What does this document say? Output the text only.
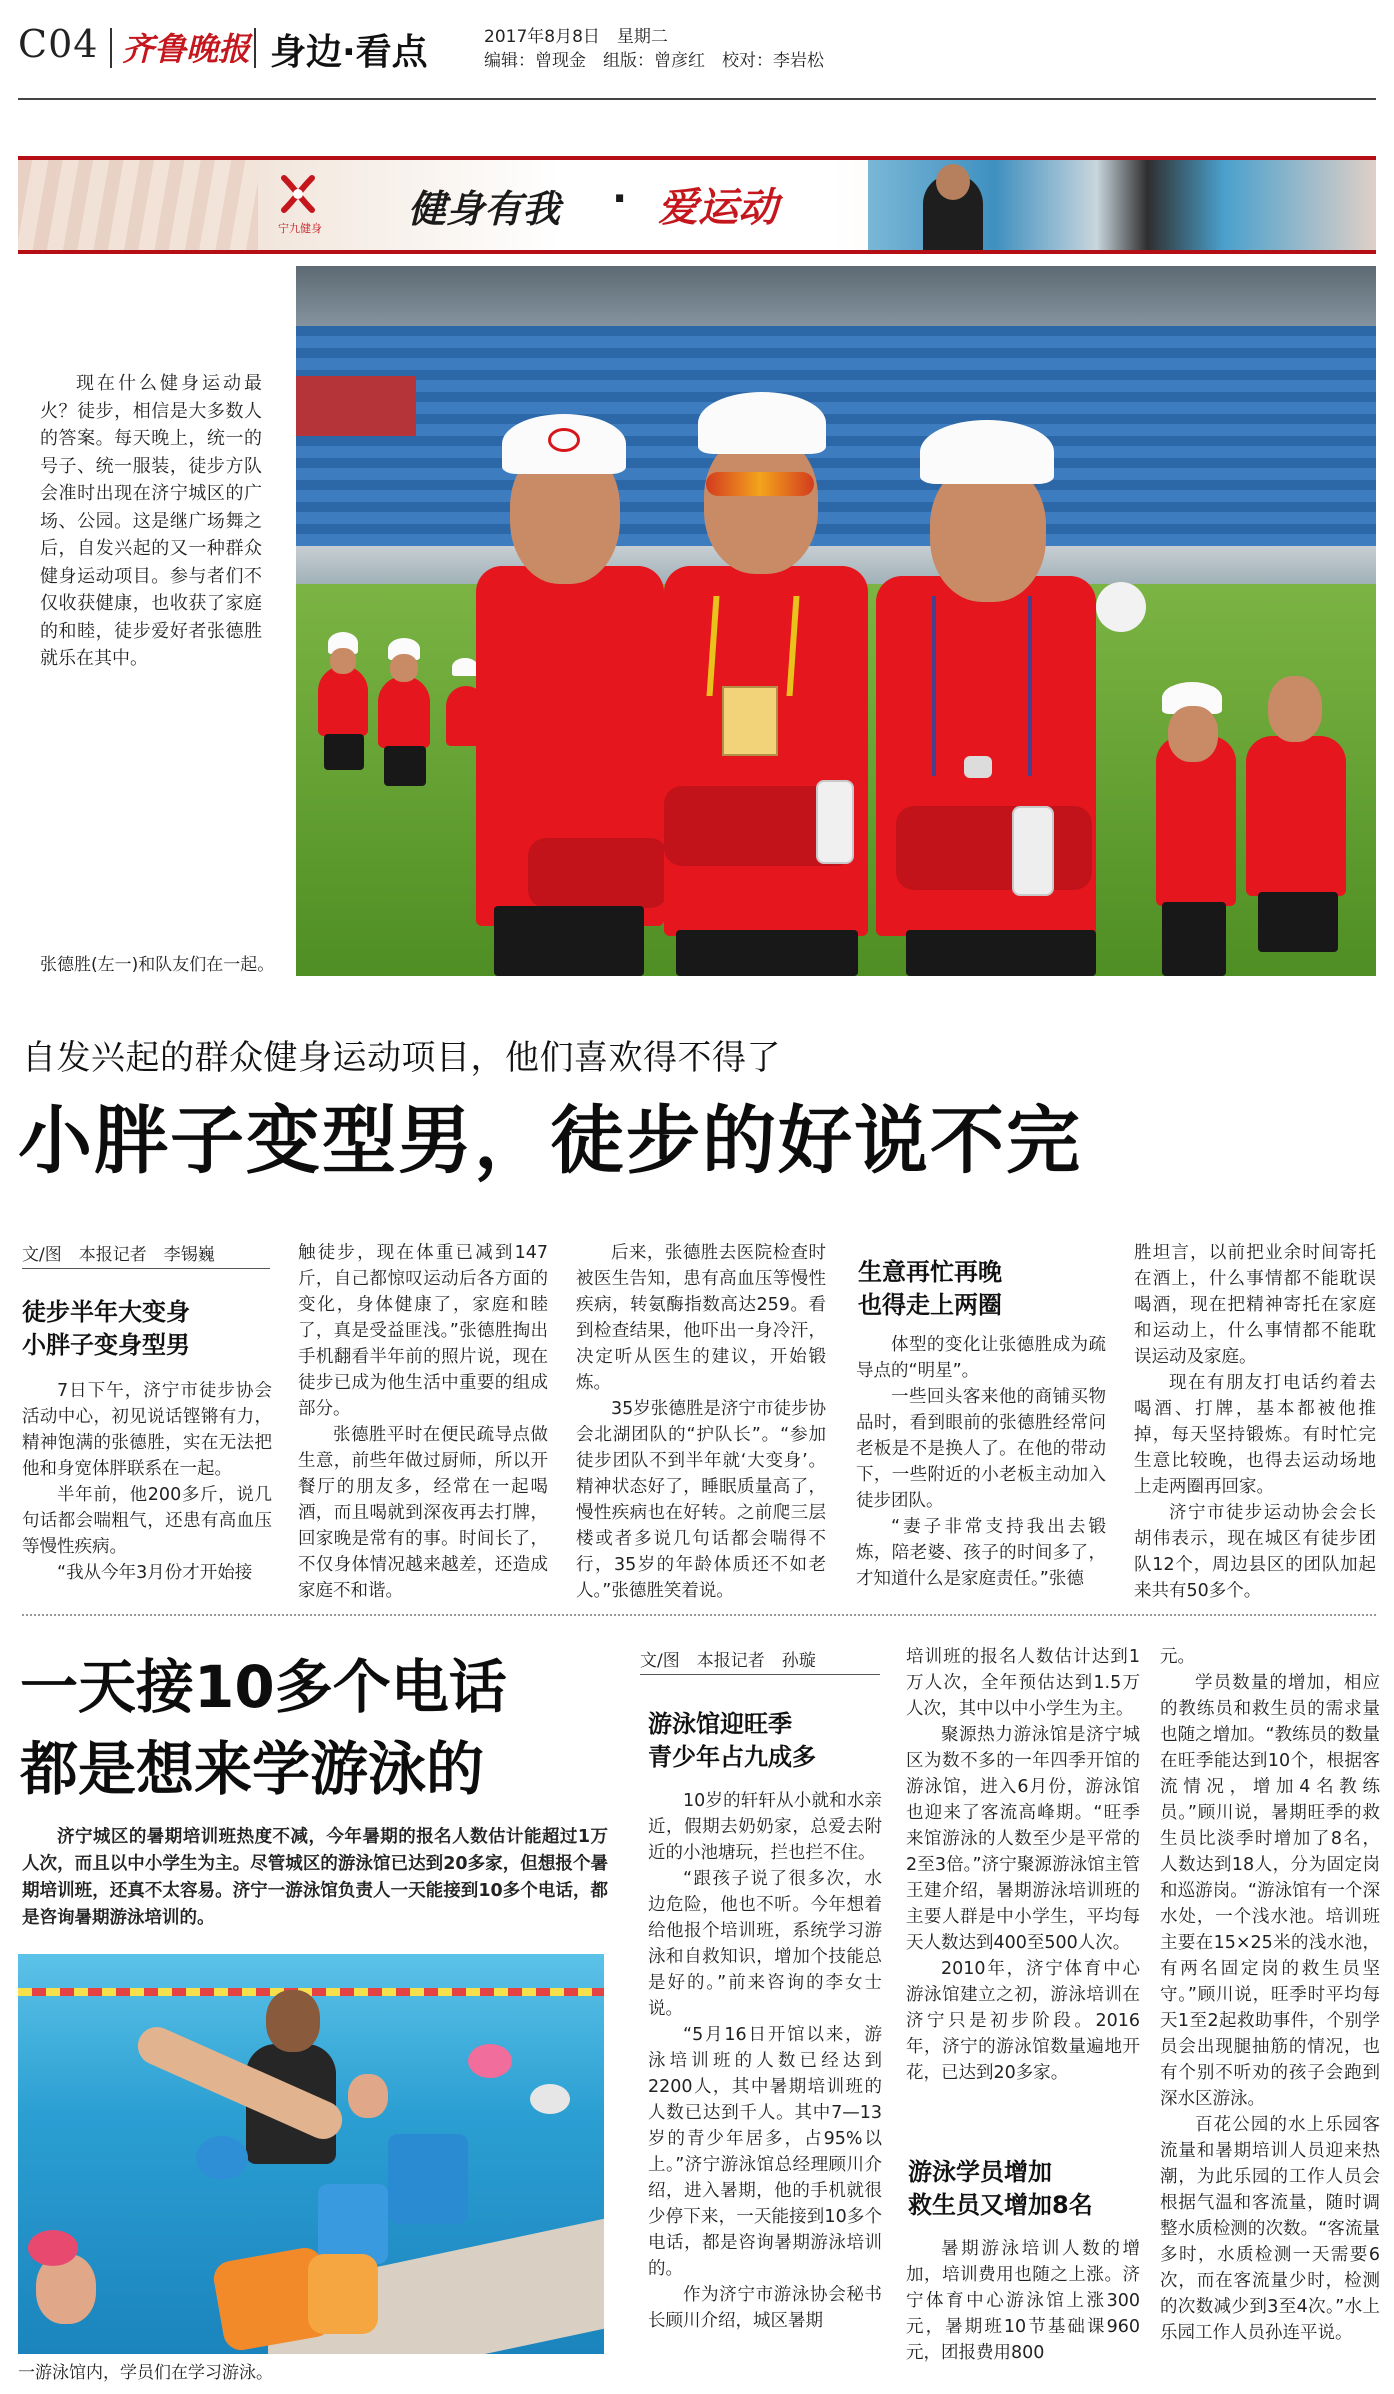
C04 齐鲁晚报 身边·看点	2017年8月8日　星期二
编辑：曾现金　组版：曾彦红　校对：李岩松
宁九健身 健身有我 · 爱运动

现在什么健身运动最火？徒步，相信是大多数人的答案。每天晚上，统一的号子、统一服装，徒步方队会准时出现在济宁城区的广场、公园。这是继广场舞之后，自发兴起的又一种群众健身运动项目。参与者们不仅收获健康，也收获了家庭的和睦，徒步爱好者张德胜就乐在其中。

张德胜(左一)和队友们在一起。
自发兴起的群众健身运动项目，他们喜欢得不得了
小胖子变型男，徒步的好说不完
文/图　本报记者　李锡巍
徒步半年大变身
小胖子变身型男

7日下午，济宁市徒步协会活动中心，初见说话铿锵有力，精神饱满的张德胜，实在无法把他和身宽体胖联系在一起。

半年前，他200多斤，说几句话都会喘粗气，还患有高血压等慢性疾病。

“我从今年3月份才开始接

触徒步，现在体重已减到147斤，自己都惊叹运动后各方面的变化，身体健康了，家庭和睦了，真是受益匪浅。”张德胜掏出手机翻看半年前的照片说，现在徒步已成为他生活中重要的组成部分。

张德胜平时在便民疏导点做生意，前些年做过厨师，所以开餐厅的朋友多，经常在一起喝酒，而且喝就到深夜再去打牌，回家晚是常有的事。时间长了，不仅身体情况越来越差，还造成家庭不和谐。

后来，张德胜去医院检查时被医生告知，患有高血压等慢性疾病，转氨酶指数高达259。看到检查结果，他吓出一身冷汗，决定听从医生的建议，开始锻炼。

35岁张德胜是济宁市徒步协会北湖团队的“护队长”。“参加徒步团队不到半年就‘大变身’。精神状态好了，睡眠质量高了，慢性疾病也在好转。之前爬三层楼或者多说几句话都会喘得不行，35岁的年龄体质还不如老人。”张德胜笑着说。

生意再忙再晚
也得走上两圈

体型的变化让张德胜成为疏导点的“明星”。

一些回头客来他的商铺买物品时，看到眼前的张德胜经常问老板是不是换人了。在他的带动下，一些附近的小老板主动加入徒步团队。

“妻子非常支持我出去锻炼，陪老婆、孩子的时间多了，才知道什么是家庭责任。”张德

胜坦言，以前把业余时间寄托在酒上，什么事情都不能耽误喝酒，现在把精神寄托在家庭和运动上，什么事情都不能耽误运动及家庭。

现在有朋友打电话约着去喝酒、打牌，基本都被他推掉，每天坚持锻炼。有时忙完生意比较晚，也得去运动场地上走两圈再回家。

济宁市徒步运动协会会长胡伟表示，现在城区有徒步团队12个，周边县区的团队加起来共有50多个。

一天接10多个电话
都是想来学游泳的

济宁城区的暑期培训班热度不减，今年暑期的报名人数估计能超过1万人次，而且以中小学生为主。尽管城区的游泳馆已达到20多家，但想报个暑期培训班，还真不太容易。济宁一游泳馆负责人一天能接到10多个电话，都是咨询暑期游泳培训的。

一游泳馆内，学员们在学习游泳。
文/图　本报记者　孙璇
游泳馆迎旺季
青少年占九成多

10岁的轩轩从小就和水亲近，假期去奶奶家，总爱去附近的小池塘玩，拦也拦不住。

“跟孩子说了很多次，水边危险，他也不听。今年想着给他报个培训班，系统学习游泳和自救知识，增加个技能总是好的。”前来咨询的李女士说。

“5月16日开馆以来，游泳培训班的人数已经达到2200人，其中暑期培训班的人数已达到千人。其中7—13岁的青少年居多，占95%以上。”济宁游泳馆总经理顾川介绍，进入暑期，他的手机就很少停下来，一天能接到10多个电话，都是咨询暑期游泳培训的。

作为济宁市游泳协会秘书长顾川介绍，城区暑期

培训班的报名人数估计达到1万人次，全年预估达到1.5万人次，其中以中小学生为主。

聚源热力游泳馆是济宁城区为数不多的一年四季开馆的游泳馆，进入6月份，游泳馆也迎来了客流高峰期。“旺季来馆游泳的人数至少是平常的2至3倍。”济宁聚源游泳馆主管王建介绍，暑期游泳培训班的主要人群是中小学生，平均每天人数达到400至500人次。

2010年，济宁体育中心游泳馆建立之初，游泳培训在济宁只是初步阶段。2016年，济宁的游泳馆数量遍地开花，已达到20多家。

游泳学员增加
救生员又增加8名

暑期游泳培训人数的增加，培训费用也随之上涨。济宁体育中心游泳馆上涨300元，暑期班10节基础课960元，团报费用800

元。

学员数量的增加，相应的教练员和救生员的需求量也随之增加。“教练员的数量在旺季能达到10个，根据客流情况，增加4名教练员。”顾川说，暑期旺季的救生员比淡季时增加了8名，人数达到18人，分为固定岗和巡游岗。“游泳馆有一个深水处，一个浅水池。培训班主要在15×25米的浅水池，有两名固定岗的救生员坚守。”顾川说，旺季时平均每天1至2起救助事件，个别学员会出现腿抽筋的情况，也有个别不听劝的孩子会跑到深水区游泳。

百花公园的水上乐园客流量和暑期培训人员迎来热潮，为此乐园的工作人员会根据气温和客流量，随时调整水质检测的次数。“客流量多时，水质检测一天需要6次，而在客流量少时，检测的次数减少到3至4次。”水上乐园工作人员孙连平说。
